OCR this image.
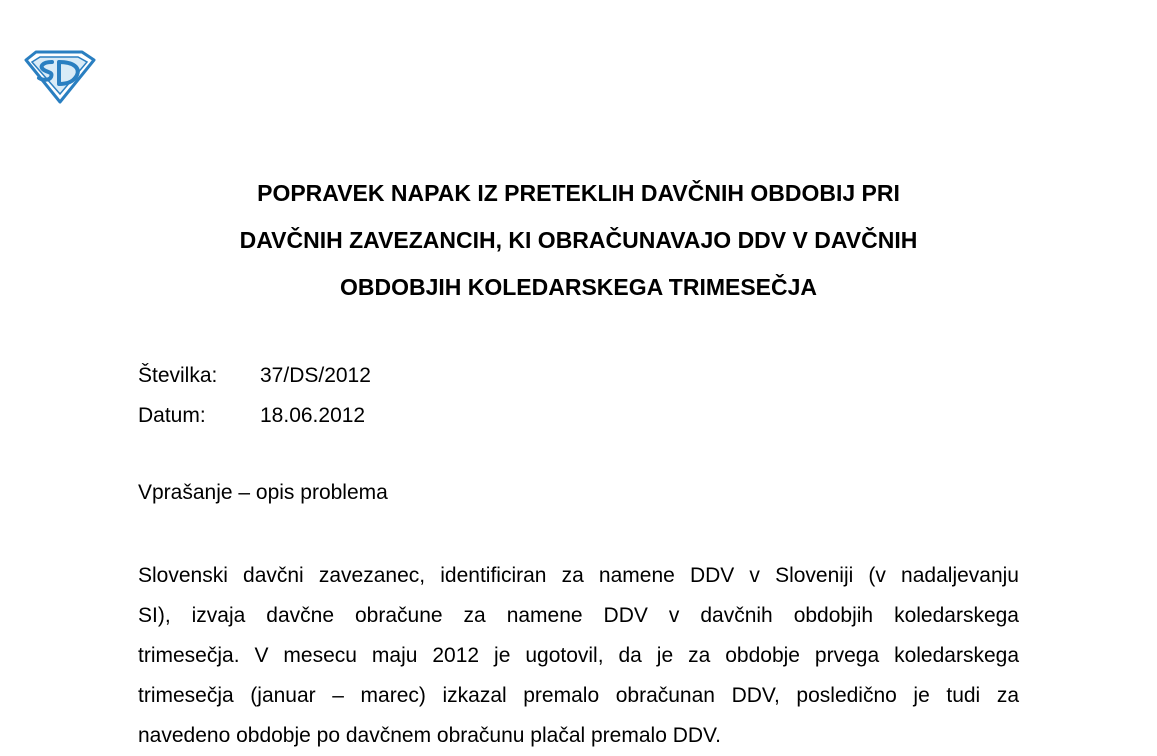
POPRAVEK NAPAK IZ PRETEKLIH DAVČNIH OBDOBIJ PRI
DAVČNIH ZAVEZANCIH, KI OBRAČUNAVAJO DDV V DAVČNIH
OBDOBJIH KOLEDARSKEGA TRIMESEČJA
Številka:	37/DS/2012
Datum:	18.06.2012
Vprašanje – opis problema
Slovenski davčni zavezanec, identificiran za namene DDV v Sloveniji (v nadaljevanju
SI), izvaja davčne obračune za namene DDV v davčnih obdobjih koledarskega
trimesečja. V mesecu maju 2012 je ugotovil, da je za obdobje prvega koledarskega
trimesečja (januar – marec) izkazal premalo obračunan DDV, posledično je tudi za
navedeno obdobje po davčnem obračunu plačal premalo DDV.
